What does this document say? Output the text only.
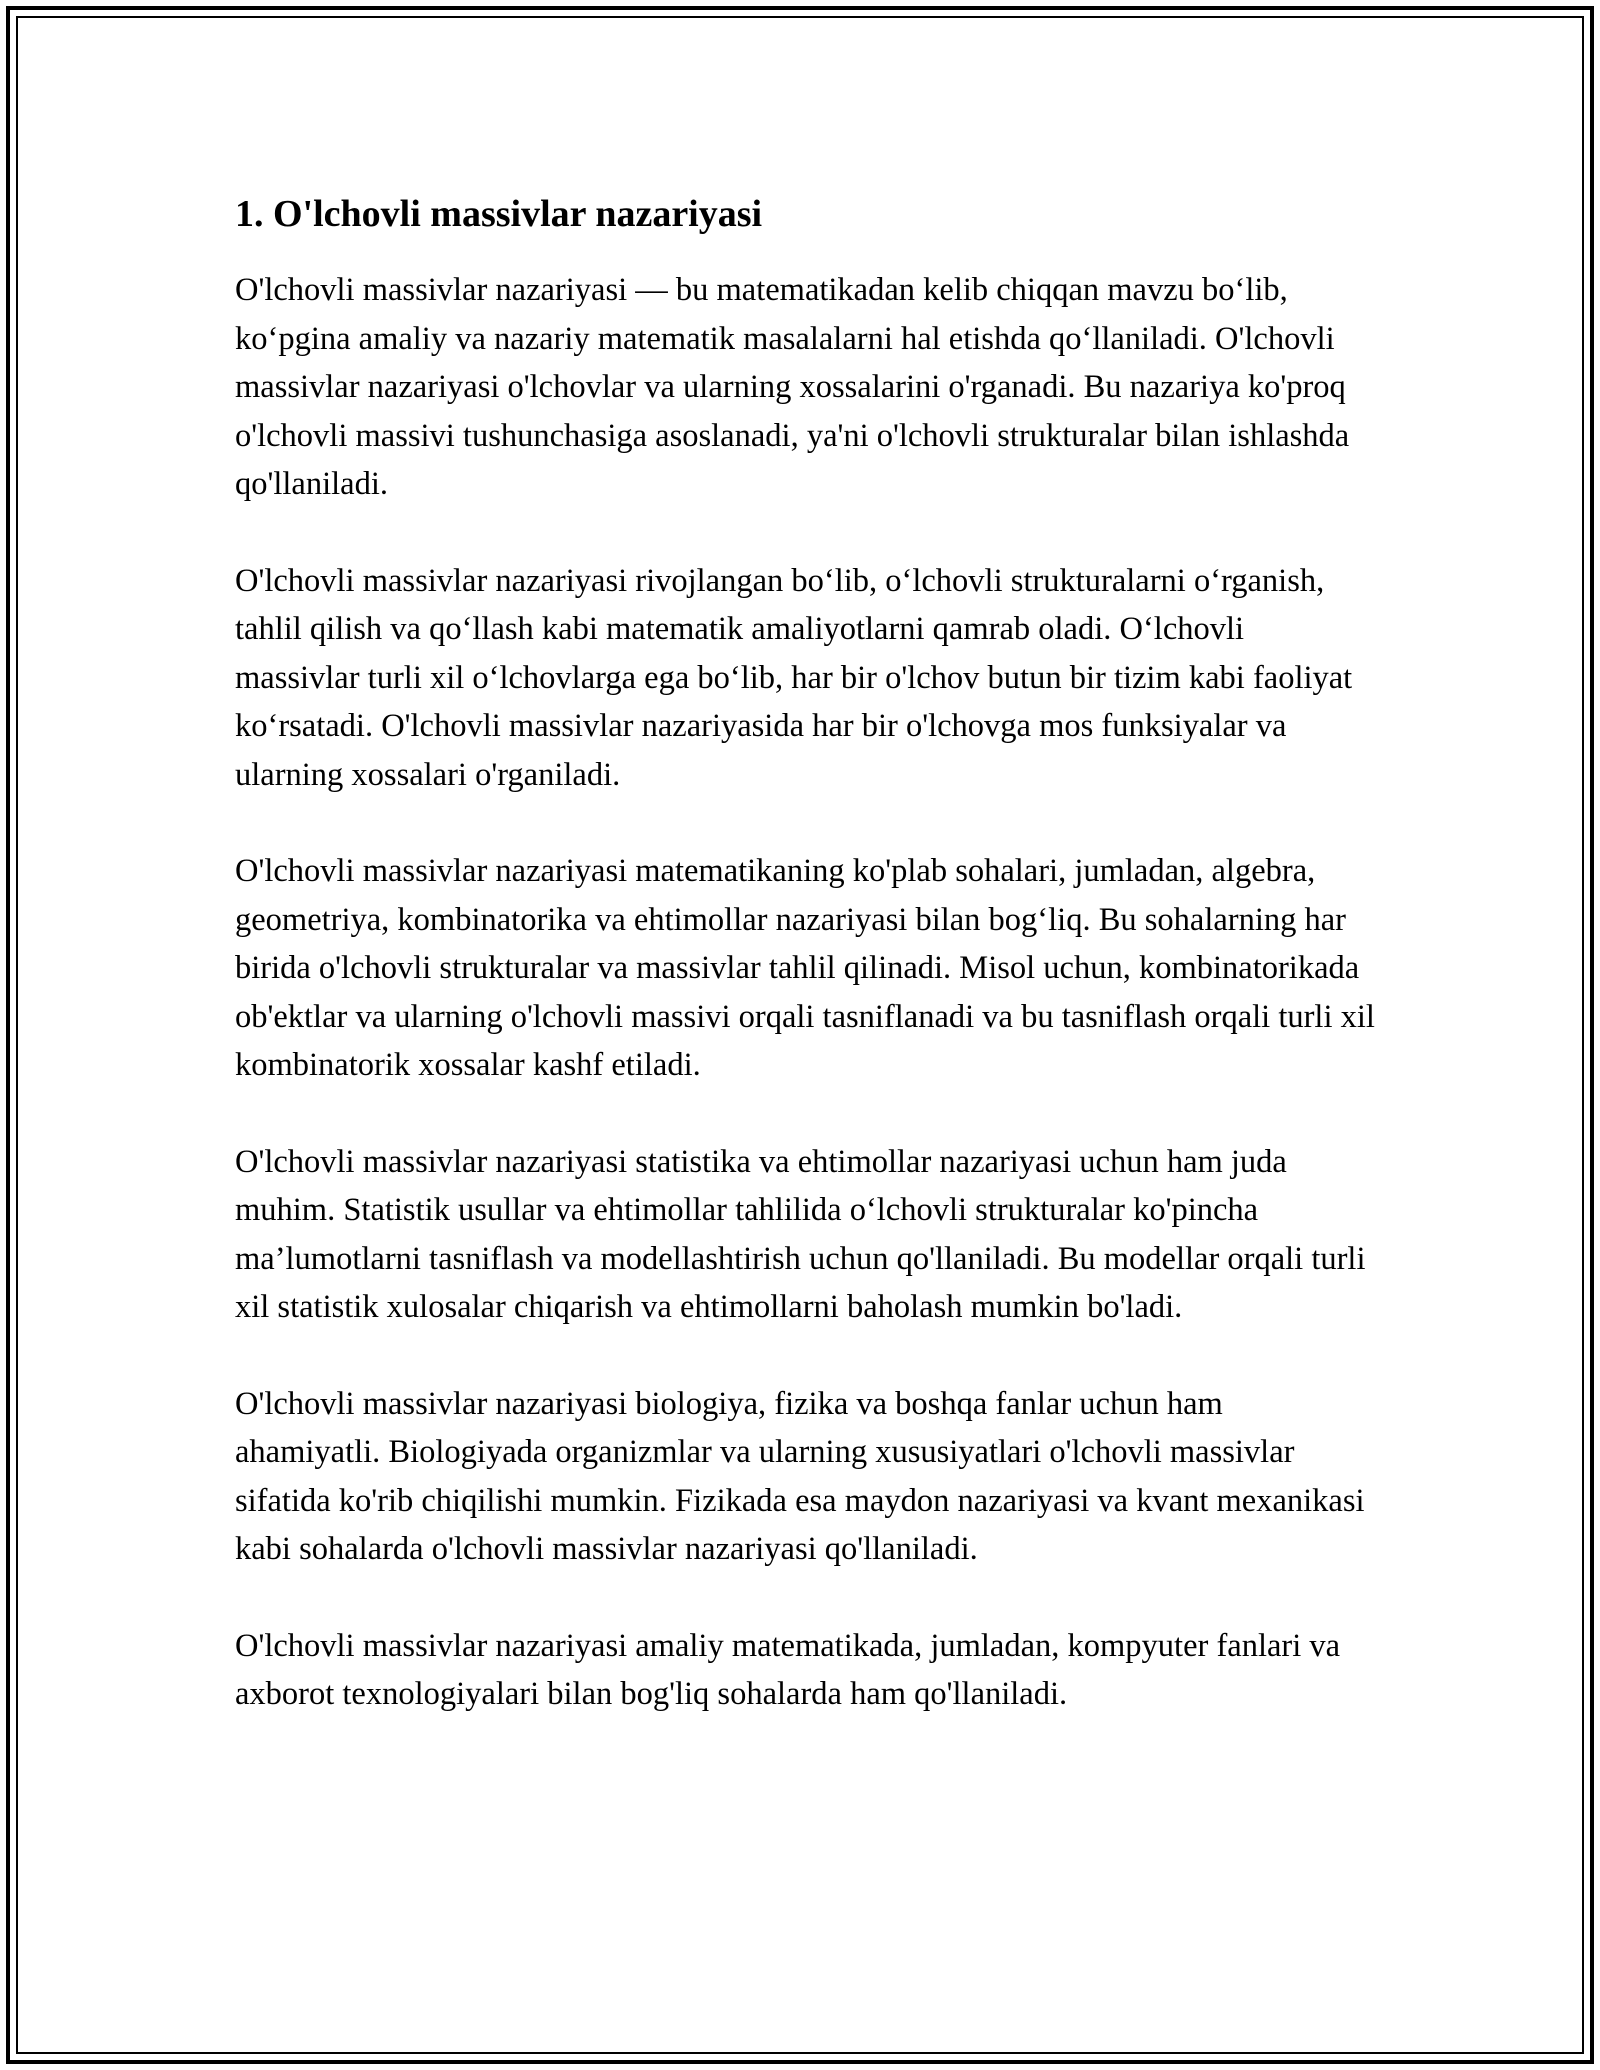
1. O'lchovli massivlar nazariyasi

O'lchovli massivlar nazariyasi — bu matematikadan kelib chiqqan mavzu bo‘lib, ko‘pgina amaliy va nazariy matematik masalalarni hal etishda qo‘llaniladi. O'lchovli massivlar nazariyasi o'lchovlar va ularning xossalarini o'rganadi. Bu nazariya ko'proq o'lchovli massivi tushunchasiga asoslanadi, ya'ni o'lchovli strukturalar bilan ishlashda qo'llaniladi.

O'lchovli massivlar nazariyasi rivojlangan bo‘lib, o‘lchovli strukturalarni o‘rganish, tahlil qilish va qo‘llash kabi matematik amaliyotlarni qamrab oladi. O‘lchovli massivlar turli xil o‘lchovlarga ega bo‘lib, har bir o'lchov butun bir tizim kabi faoliyat ko‘rsatadi. O'lchovli massivlar nazariyasida har bir o'lchovga mos funksiyalar va ularning xossalari o'rganiladi.

O'lchovli massivlar nazariyasi matematikaning ko'plab sohalari, jumladan, algebra, geometriya, kombinatorika va ehtimollar nazariyasi bilan bog‘liq. Bu sohalarning har birida o'lchovli strukturalar va massivlar tahlil qilinadi. Misol uchun, kombinatorikada ob'ektlar va ularning o'lchovli massivi orqali tasniflanadi va bu tasniflash orqali turli xil kombinatorik xossalar kashf etiladi.

O'lchovli massivlar nazariyasi statistika va ehtimollar nazariyasi uchun ham juda muhim. Statistik usullar va ehtimollar tahlilida o‘lchovli strukturalar ko'pincha ma’lumotlarni tasniflash va modellashtirish uchun qo'llaniladi. Bu modellar orqali turli xil statistik xulosalar chiqarish va ehtimollarni baholash mumkin bo'ladi.

O'lchovli massivlar nazariyasi biologiya, fizika va boshqa fanlar uchun ham ahamiyatli. Biologiyada organizmlar va ularning xususiyatlari o'lchovli massivlar sifatida ko'rib chiqilishi mumkin. Fizikada esa maydon nazariyasi va kvant mexanikasi kabi sohalarda o'lchovli massivlar nazariyasi qo'llaniladi.

O'lchovli massivlar nazariyasi amaliy matematikada, jumladan, kompyuter fanlari va axborot texnologiyalari bilan bog'liq sohalarda ham qo'llaniladi.
